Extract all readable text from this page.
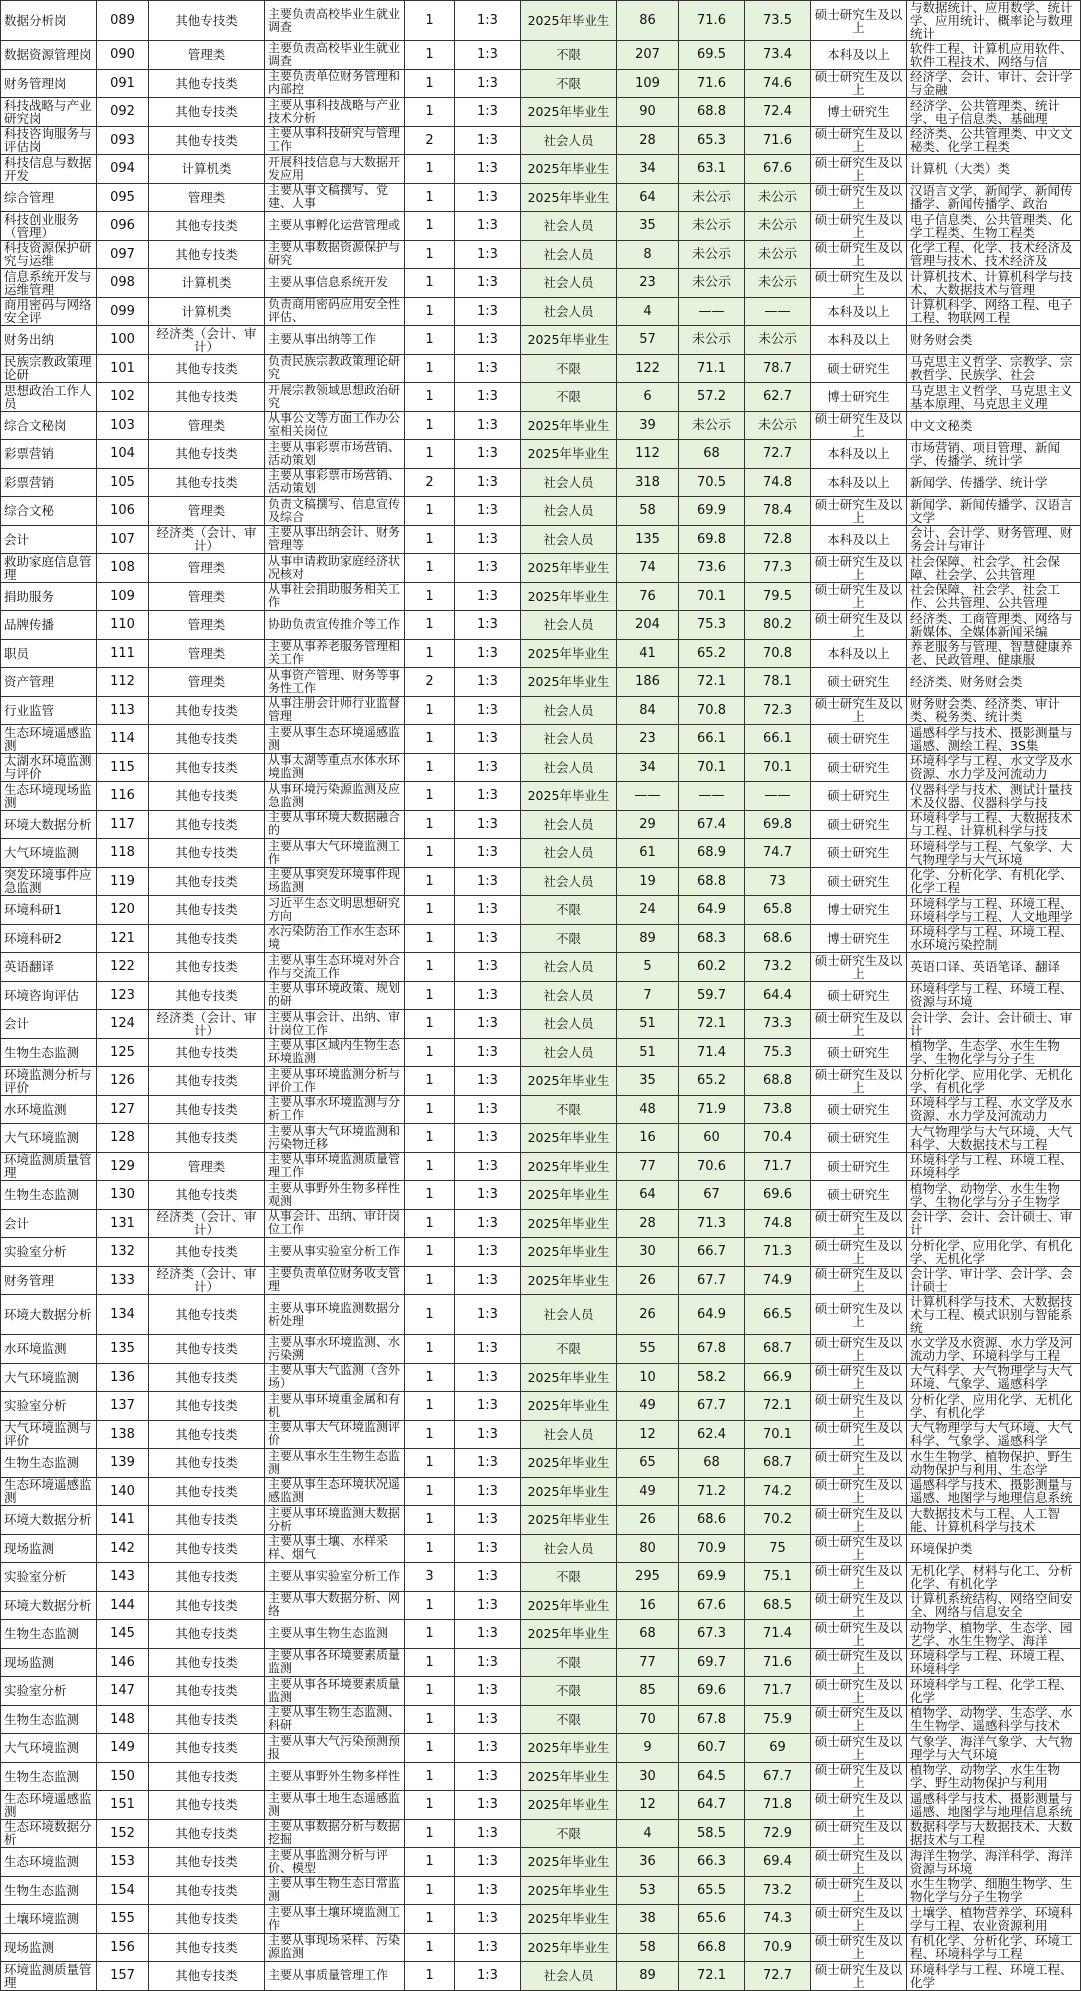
数据分析岗	089	其他专技类	主要负责高校毕业生就业调查	1	1:3	2025年毕业生	86	71.6	73.5	硕士研究生及以上	与数据统计、应用数学、统计学、应用统计、概率论与数理统计
数据资源管理岗	090	管理类	主要负责高校毕业生就业调查	1	1:3	不限	207	69.5	73.4	本科及以上	软件工程、计算机应用软件、软件工程技术、网络与信
财务管理岗	091	其他专技类	主要负责单位财务管理和内部控	1	1:3	不限	109	71.6	74.6	硕士研究生及以上	经济学、会计、审计、会计学与金融
科技战略与产业研究岗	092	其他专技类	主要从事科技战略与产业技术分析	1	1:3	2025年毕业生	90	68.8	72.4	博士研究生	经济学、公共管理类、统计学、电子信息类、基础理
科技咨询服务与评估岗	093	其他专技类	主要从事科技研究与管理工作	2	1:3	社会人员	28	65.3	71.6	硕士研究生及以上	经济类、公共管理类、中文文秘类、化学工程类
科技信息与数据开发	094	计算机类	开展科技信息与大数据开发应用	1	1:3	2025年毕业生	34	63.1	67.6	硕士研究生及以上	计算机（大类）类
综合管理	095	管理类	主要从事文稿撰写、党建、人事	1	1:3	2025年毕业生	64	未公示	未公示	硕士研究生及以上	汉语言文学、新闻学、新闻传播学、新闻传播学、政治
科技创业服务（管理）	096	其他专技类	主要从事孵化运营管理或	1	1:3	社会人员	35	未公示	未公示	硕士研究生及以上	电子信息类、公共管理类、化学工程类、生物工程类
科技资源保护研究与运维	097	其他专技类	主要从事数据资源保护与研究	1	1:3	社会人员	8	未公示	未公示	硕士研究生及以上	化学工程、化学、技术经济及管理与技术、技术经济及
信息系统开发与运维管理	098	计算机类	主要从事信息系统开发	1	1:3	社会人员	23	未公示	未公示	硕士研究生及以上	计算机技术、计算机科学与技术、大数据技术与管理
商用密码与网络安全评	099	计算机类	负责商用密码应用安全性评估、	1	1:3	社会人员	4	——	——	本科及以上	计算机科学、网络工程、电子工程、物联网工程
财务出纳	100	经济类（会计、审计）	主要从事出纳等工作	1	1:3	2025年毕业生	57	未公示	未公示	本科及以上	财务财会类
民族宗教政策理论研	101	其他专技类	负责民族宗教政策理论研究	1	1:3	不限	122	71.1	78.7	硕士研究生	马克思主义哲学、宗教学、宗教哲学、民族学、社会
思想政治工作人员	102	其他专技类	开展宗教领域思想政治研究	1	1:3	不限	6	57.2	62.7	博士研究生	马克思主义哲学、马克思主义基本原理、马克思主义理
综合文秘岗	103	管理类	从事公文等方面工作办公室相关岗位	1	1:3	2025年毕业生	39	未公示	未公示	硕士研究生及以上	中文文秘类
彩票营销	104	其他专技类	主要从事彩票市场营销、活动策划	1	1:3	2025年毕业生	112	68	72.7	本科及以上	市场营销、项目管理、新闻学、传播学、统计学
彩票营销	105	其他专技类	主要从事彩票市场营销、活动策划	2	1:3	社会人员	318	70.5	74.8	本科及以上	新闻学、传播学、统计学
综合文秘	106	管理类	负责文稿撰写、信息宣传及综合	1	1:3	社会人员	58	69.9	78.4	硕士研究生及以上	新闻学、新闻传播学、汉语言文学
会计	107	经济类（会计、审计）	主要从事出纳会计、财务管理等	1	1:3	社会人员	135	69.8	72.8	本科及以上	会计、会计学、财务管理、财务会计与审计
救助家庭信息管理	108	管理类	从事申请救助家庭经济状况核对	1	1:3	2025年毕业生	74	73.6	77.3	硕士研究生及以上	社会保障、社会学、社会保障、社会学、公共管理
捐助服务	109	管理类	从事社会捐助服务相关工作	1	1:3	2025年毕业生	76	70.1	79.5	硕士研究生及以上	社会保障、社会学、社会工作、公共管理、公共管理
品牌传播	110	管理类	协助负责宣传推介等工作	1	1:3	社会人员	204	75.3	80.2	硕士研究生及以上	经济类、工商管理类、网络与新媒体、全媒体新闻采编
职员	111	管理类	主要从事养老服务管理相关工作	1	1:3	2025年毕业生	41	65.2	70.8	本科及以上	养老服务与管理、智慧健康养老、民政管理、健康服
资产管理	112	管理类	从事资产管理、财务等事务性工作	2	1:3	2025年毕业生	186	72.1	78.1	硕士研究生	经济类、财务财会类
行业监管	113	其他专技类	从事注册会计师行业监督管理	1	1:3	社会人员	84	70.8	72.3	硕士研究生及以上	财务财会类、经济类、审计类、税务类、统计类
生态环境遥感监测	114	其他专技类	主要从事生态环境遥感监测	1	1:3	社会人员	23	66.1	66.1	硕士研究生	遥感科学与技术、摄影测量与遥感、测绘工程、3S集
太湖水环境监测与评价	115	其他专技类	从事太湖等重点水体水环境监测	1	1:3	社会人员	34	70.1	70.1	硕士研究生	环境科学与工程、水文学及水资源、水力学及河流动力
生态环境现场监测	116	其他专技类	从事环境污染源监测及应急监测	1	1:3	2025年毕业生	——	——	——	硕士研究生	仪器科学与技术、测试计量技术及仪器、仪器科学与技
环境大数据分析	117	其他专技类	主要从事环境大数据融合的	1	1:3	社会人员	29	67.4	69.8	硕士研究生	环境科学与工程、大数据技术与工程、计算机科学与技
大气环境监测	118	其他专技类	主要从事大气环境监测工作	1	1:3	社会人员	61	68.9	74.7	硕士研究生	环境科学与工程、气象学、大气物理学与大气环境
突发环境事件应急监测	119	其他专技类	主要从事突发环境事件现场监测	1	1:3	社会人员	19	68.8	73	硕士研究生	化学、分析化学、有机化学、化学工程
环境科研1	120	其他专技类	习近平生态文明思想研究方向	1	1:3	不限	24	64.9	65.8	博士研究生	环境科学与工程、环境工程、环境科学与工程、人文地理学
环境科研2	121	其他专技类	水污染防治工作水生态环境	1	1:3	不限	89	68.3	68.6	博士研究生	环境科学与工程、环境工程、水环境污染控制
英语翻译	122	其他专技类	主要从事生态环境对外合作与交流工作	1	1:3	社会人员	5	60.2	73.2	硕士研究生及以上	英语口译、英语笔译、翻译
环境咨询评估	123	其他专技类	主要从事环境政策、规划的研	1	1:3	社会人员	7	59.7	64.4	硕士研究生	环境科学与工程、环境工程、资源与环境
会计	124	经济类（会计、审计）	主要从事会计、出纳、审计岗位工作	1	1:3	社会人员	51	72.1	73.3	硕士研究生及以上	会计学、会计、会计硕士、审计
生物生态监测	125	其他专技类	主要从事区域内生物生态环境监测	1	1:3	社会人员	51	71.4	75.3	硕士研究生	植物学、生态学、水生生物学、生物化学与分子生
环境监测分析与评价	126	其他专技类	主要从事环境监测分析与评价工作	1	1:3	2025年毕业生	35	65.2	68.8	硕士研究生及以上	分析化学、应用化学、无机化学、有机化学
水环境监测	127	其他专技类	主要从事水环境监测与分析工作	1	1:3	不限	48	71.9	73.8	硕士研究生	环境科学与工程、水文学及水资源、水力学及河流动力
大气环境监测	128	其他专技类	主要从事大气环境监测和污染物迁移	1	1:3	2025年毕业生	16	60	70.4	硕士研究生	大气物理学与大气环境、大气科学、大数据技术与工程
环境监测质量管理	129	管理类	主要从事环境监测质量管理工作	1	1:3	2025年毕业生	77	70.6	71.7	硕士研究生	环境科学与工程、环境工程、环境科学
生物生态监测	130	其他专技类	主要从事野外生物多样性观测	1	1:3	2025年毕业生	64	67	69.6	硕士研究生	植物学、动物学、水生生物学、生物化学与分子生物学
会计	131	经济类（会计、审计）	从事会计、出纳、审计岗位工作	1	1:3	2025年毕业生	28	71.3	74.8	硕士研究生及以上	会计学、会计、会计硕士、审计
实验室分析	132	其他专技类	主要从事实验室分析工作	1	1:3	2025年毕业生	30	66.7	71.3	硕士研究生及以上	分析化学、应用化学、有机化学、无机化学
财务管理	133	经济类（会计、审计）	主要负责单位财务收支管理	1	1:3	2025年毕业生	26	67.7	74.9	硕士研究生及以上	会计学、审计学、会计学、会计硕士
环境大数据分析	134	其他专技类	主要从事环境监测数据分析处理	1	1:3	社会人员	26	64.9	66.5	硕士研究生及以上	计算机科学与技术、大数据技术与工程、模式识别与智能系统
水环境监测	135	其他专技类	主要从事水环境监测、水污染溯	1	1:3	不限	55	67.8	68.7	硕士研究生及以上	水文学及水资源、水力学及河流动力学、环境科学与工程
大气环境监测	136	其他专技类	主要从事大气监测（含外场）	1	1:3	2025年毕业生	10	58.2	66.9	硕士研究生及以上	大气科学、大气物理学与大气环境、气象学、遥感科学
实验室分析	137	其他专技类	主要从事环境重金属和有机	1	1:3	2025年毕业生	49	67.7	72.1	硕士研究生及以上	分析化学、应用化学、无机化学、有机化学
大气环境监测与评价	138	其他专技类	主要从事大气环境监测评价	1	1:3	社会人员	12	62.4	70.1	硕士研究生及以上	大气物理学与大气环境、大气科学、气象学、遥感科学
生物生态监测	139	其他专技类	主要从事水生生物生态监测	1	1:3	2025年毕业生	65	68	68.7	硕士研究生及以上	水生生物学、植物保护、野生动物保护与利用、生态学
生态环境遥感监测	140	其他专技类	主要从事生态环境状况遥感监测	1	1:3	2025年毕业生	49	71.2	74.2	硕士研究生及以上	遥感科学与技术、摄影测量与遥感、地图学与地理信息系统
环境大数据分析	141	其他专技类	主要从事环境监测大数据分析	1	1:3	2025年毕业生	26	68.6	70.2	硕士研究生及以上	大数据技术与工程、人工智能、计算机科学与技术
现场监测	142	其他专技类	主要从事土壤、水样采样、烟气	1	1:3	社会人员	80	70.9	75	硕士研究生及以上	环境保护类
实验室分析	143	其他专技类	主要从事实验室分析工作	3	1:3	不限	295	69.9	75.1	硕士研究生及以上	无机化学、材料与化工、分析化学、有机化学
环境大数据分析	144	其他专技类	主要从事大数据分析、网络	1	1:3	2025年毕业生	16	67.6	68.5	硕士研究生及以上	计算机系统结构、网络空间安全、网络与信息安全
生物生态监测	145	其他专技类	主要从事生物生态监测	1	1:3	2025年毕业生	68	67.3	71.4	硕士研究生及以上	动物学、植物学、生态学、园艺学、水生生物学、海洋
现场监测	146	其他专技类	主要从事各环境要素质量监测	1	1:3	不限	77	69.7	71.6	硕士研究生及以上	环境科学与工程、环境工程、环境科学
实验室分析	147	其他专技类	主要从事各环境要素质量监测	1	1:3	不限	85	69.6	71.7	硕士研究生及以上	环境科学与工程、化学工程、化学
生物生态监测	148	其他专技类	主要从事生物生态监测、科研	1	1:3	不限	70	67.8	75.9	硕士研究生及以上	植物学、动物学、生态学、水生生物学、遥感科学与技术
大气环境监测	149	其他专技类	主要从事大气污染预测预报	1	1:3	2025年毕业生	9	60.7	69	硕士研究生及以上	气象学、海洋气象学、大气物理学与大气环境
生物生态监测	150	其他专技类	主要从事野外生物多样性	1	1:3	2025年毕业生	30	64.5	67.7	硕士研究生及以上	植物学、动物学、水生生物学、野生动物保护与利用
生态环境遥感监测	151	其他专技类	主要从事土地生态遥感监测	1	1:3	2025年毕业生	12	64.7	71.8	硕士研究生及以上	遥感科学与技术、摄影测量与遥感、地图学与地理信息系统
生态环境数据分析	152	其他专技类	主要从事数据分析与数据挖掘	1	1:3	不限	4	58.5	72.9	硕士研究生及以上	数据科学与大数据技术、大数据技术与工程
生态环境监测	153	其他专技类	主要从事监测分析与评价、模型	1	1:3	2025年毕业生	36	66.3	69.4	硕士研究生及以上	海洋生物学、海洋科学、海洋资源与环境
生物生态监测	154	其他专技类	主要从事生物生态日常监测	1	1:3	2025年毕业生	53	65.5	73.2	硕士研究生及以上	水生生物学、细胞生物学、生物化学与分子生物学
土壤环境监测	155	其他专技类	主要从事土壤环境监测工作	1	1:3	2025年毕业生	38	65.6	74.3	硕士研究生及以上	土壤学、植物营养学、环境科学与工程、农业资源利用
现场监测	156	其他专技类	主要从事现场采样、污染源监测	1	1:3	2025年毕业生	58	66.8	70.9	硕士研究生及以上	有机化学、分析化学、环境工程、环境科学与工程
环境监测质量管理	157	其他专技类	主要从事质量管理工作	1	1:3	社会人员	89	72.1	72.7	硕士研究生及以上	环境科学与工程、环境工程、化学
